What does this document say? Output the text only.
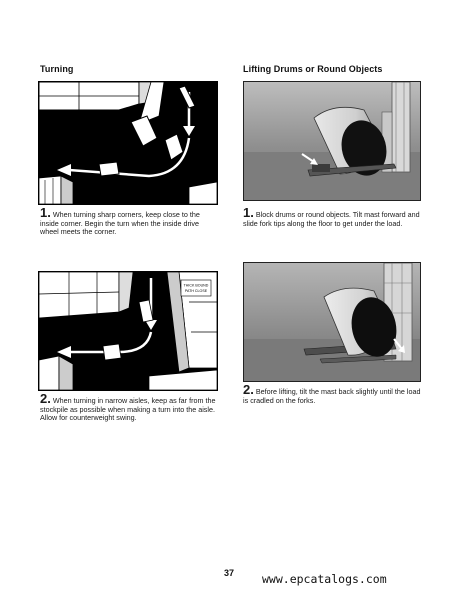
Turning	Lifting Drums or Round Objects
1. When turning sharp corners, keep close to the inside corner. Begin the turn when the inside drive wheel meets the corner.
1. Block drums or round objects. Tilt mast forward and slide fork tips along the floor to get under the load.
THICK BOUND
PATH CLOSE
2. When turning in narrow aisles, keep as far from the stockpile as possible when making a turn into the aisle. Allow for counterweight swing.
2. Before lifting, tilt the mast back slightly until the load is cradled on the forks.
37 www.epcatalogs.com
